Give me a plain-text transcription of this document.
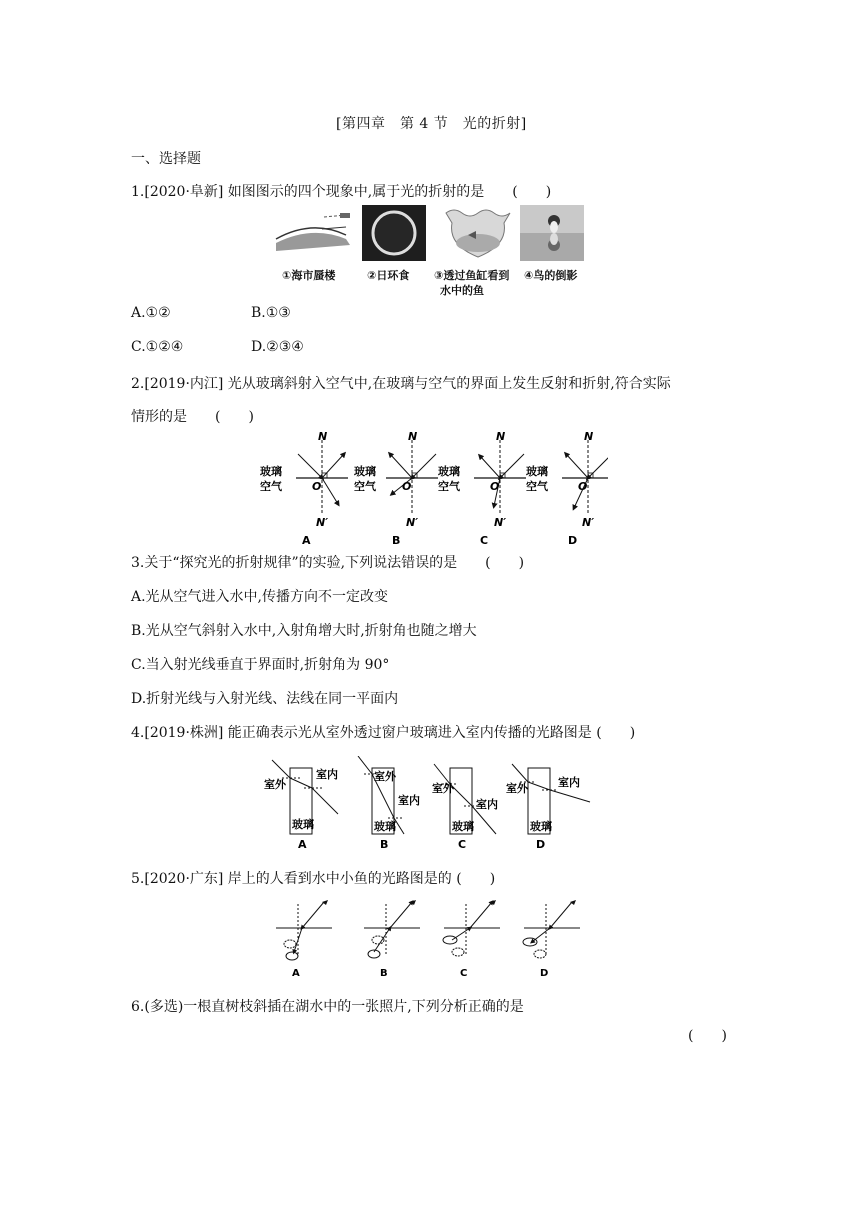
[第四章　第 4 节　光的折射]
一、选择题
1.[2020·阜新] 如图图示的四个现象中,属于光的折射的是　　(　　)
①海市蜃楼	②日环食 ③透过鱼缸看到
水中的鱼
④鸟的倒影
A.①②	B.①③
C.①②④	D.②③④
2.[2019·内江] 光从玻璃斜射入空气中,在玻璃与空气的界面上发生反射和折射,符合实际
情形的是　　(　　)
N
N′
O
玻璃
空气
A
N
N′
O
玻璃
空气
B
N
N′
O
玻璃
空气
C
N
N′
O
玻璃
空气
D
3.关于“探究光的折射规律”的实验,下列说法错误的是　　(　　)
A.光从空气进入水中,传播方向不一定改变
B.光从空气斜射入水中,入射角增大时,折射角也随之增大
C.当入射光线垂直于界面时,折射角为 90°
D.折射光线与入射光线、法线在同一平面内
4.[2019·株洲] 能正确表示光从室外透过窗户玻璃进入室内传播的光路图是 (　　)
室外
室内
玻璃
A
室外
室内
玻璃
B
室外
室内
玻璃
C
室外	室内
玻璃
D
5.[2020·广东] 岸上的人看到水中小鱼的光路图是的 (　　)
A	B	C	D
6.(多选)一根直树枝斜插在湖水中的一张照片,下列分析正确的是
(　　)
